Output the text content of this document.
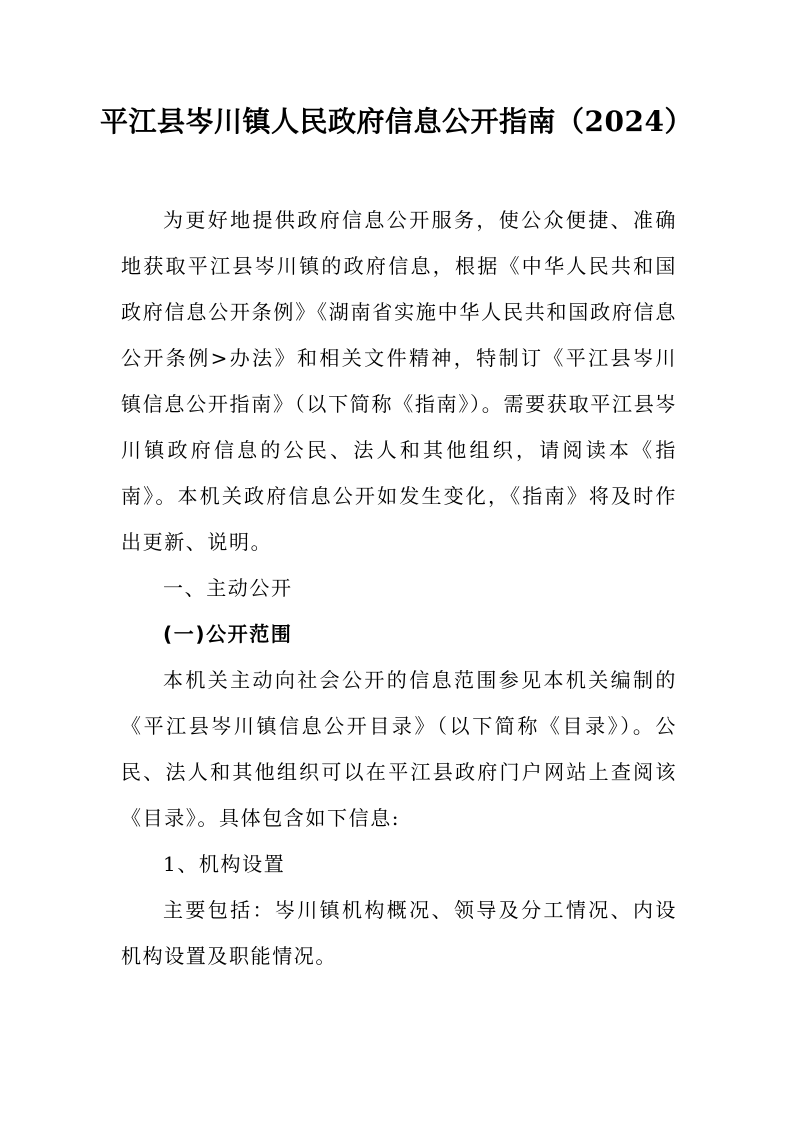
平江县岑川镇人民政府信息公开指南（2024）

为更好地提供政府信息公开服务，使公众便捷、准确地获取平江县岑川镇的政府信息，根据《中华人民共和国政府信息公开条例》《湖南省实施中华人民共和国政府信息公开条例>办法》和相关文件精神，特制订《平江县岑川镇信息公开指南》（以下简称《指南》）。需要获取平江县岑川镇政府信息的公民、法人和其他组织，请阅读本《指南》。本机关政府信息公开如发生变化，《指南》将及时作出更新、说明。

一、主动公开

(一)公开范围

本机关主动向社会公开的信息范围参见本机关编制的《平江县岑川镇信息公开目录》（以下简称《目录》）。公民、法人和其他组织可以在平江县政府门户网站上查阅该《目录》。具体包含如下信息:

1、机构设置

主要包括：岑川镇机构概况、领导及分工情况、内设机构设置及职能情况。
